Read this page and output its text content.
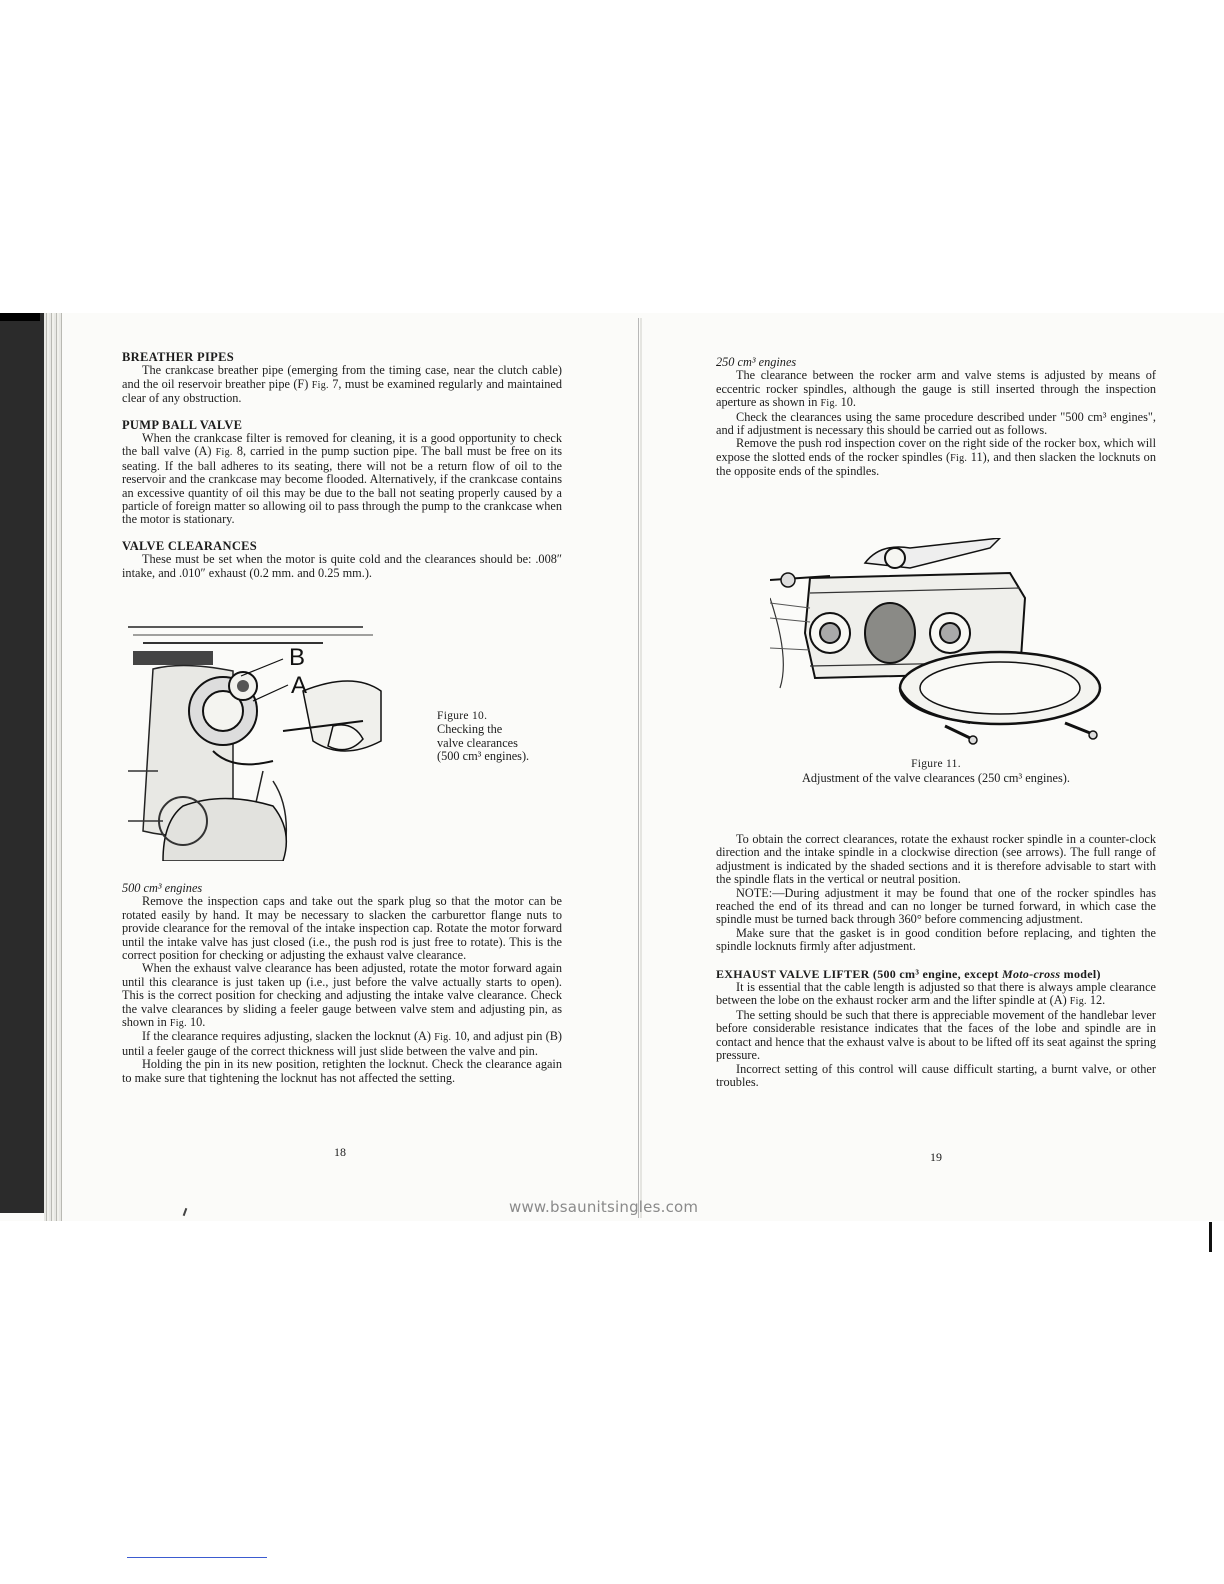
BREATHER PIPES

The crankcase breather pipe (emerging from the timing case, near the clutch cable) and the oil reservoir breather pipe (F) Fig. 7, must be examined regularly and maintained clear of any obstruction.

PUMP BALL VALVE

When the crankcase filter is removed for cleaning, it is a good opportunity to check the ball valve (A) Fig. 8, carried in the pump suction pipe. The ball must be free on its seating. If the ball adheres to its seating, there will not be a return flow of oil to the reservoir and the crankcase may become flooded. Alternatively, if the crankcase contains an excessive quantity of oil this may be due to the ball not seating properly caused by a particle of foreign matter so allowing oil to pass through the pump to the crankcase when the motor is stationary.

VALVE CLEARANCES

These must be set when the motor is quite cold and the clearances should be: .008″ intake, and .010″ exhaust (0.2 mm. and 0.25 mm.).

B
A
Figure 10.
Checking the
valve clearances
(500 cm³ engines).

500 cm³ engines

Remove the inspection caps and take out the spark plug so that the motor can be rotated easily by hand. It may be necessary to slacken the carburettor flange nuts to provide clearance for the removal of the intake inspection cap. Rotate the motor forward until the intake valve has just closed (i.e., the push rod is just free to rotate). This is the correct position for checking or adjusting the exhaust valve clearance.

When the exhaust valve clearance has been adjusted, rotate the motor forward again until this clearance is just taken up (i.e., just before the valve actually starts to open). This is the correct position for checking and adjusting the intake valve clearance. Check the valve clearances by sliding a feeler gauge between valve stem and adjusting pin, as shown in Fig. 10.

If the clearance requires adjusting, slacken the locknut (A) Fig. 10, and adjust pin (B) until a feeler gauge of the correct thickness will just slide between the valve and pin.

Holding the pin in its new position, retighten the locknut. Check the clearance again to make sure that tightening the locknut has not affected the setting.

18

250 cm³ engines

The clearance between the rocker arm and valve stems is adjusted by means of eccentric rocker spindles, although the gauge is still inserted through the inspection aperture as shown in Fig. 10.

Check the clearances using the same procedure described under "500 cm³ engines", and if adjustment is necessary this should be carried out as follows.

Remove the push rod inspection cover on the right side of the rocker box, which will expose the slotted ends of the rocker spindles (Fig. 11), and then slacken the locknuts on the opposite ends of the spindles.

Figure 11.
Adjustment of the valve clearances (250 cm³ engines).

To obtain the correct clearances, rotate the exhaust rocker spindle in a counter-clock direction and the intake spindle in a clockwise direction (see arrows). The full range of adjustment is indicated by the shaded sections and it is therefore advisable to start with the spindle flats in the vertical or neutral position.

NOTE:—During adjustment it may be found that one of the rocker spindles has reached the end of its thread and can no longer be turned forward, in which case the spindle must be turned back through 360° before commencing adjustment.

Make sure that the gasket is in good condition before replacing, and tighten the spindle locknuts firmly after adjustment.

EXHAUST VALVE LIFTER (500 cm³ engine, except Moto-cross model)

It is essential that the cable length is adjusted so that there is always ample clearance between the lobe on the exhaust rocker arm and the lifter spindle at (A) Fig. 12.

The setting should be such that there is appreciable movement of the handlebar lever before considerable resistance indicates that the faces of the lobe and spindle are in contact and hence that the exhaust valve is about to be lifted off its seat against the spring pressure.

Incorrect setting of this control will cause difficult starting, a burnt valve, or other troubles.

19
www.bsaunitsingles.com
